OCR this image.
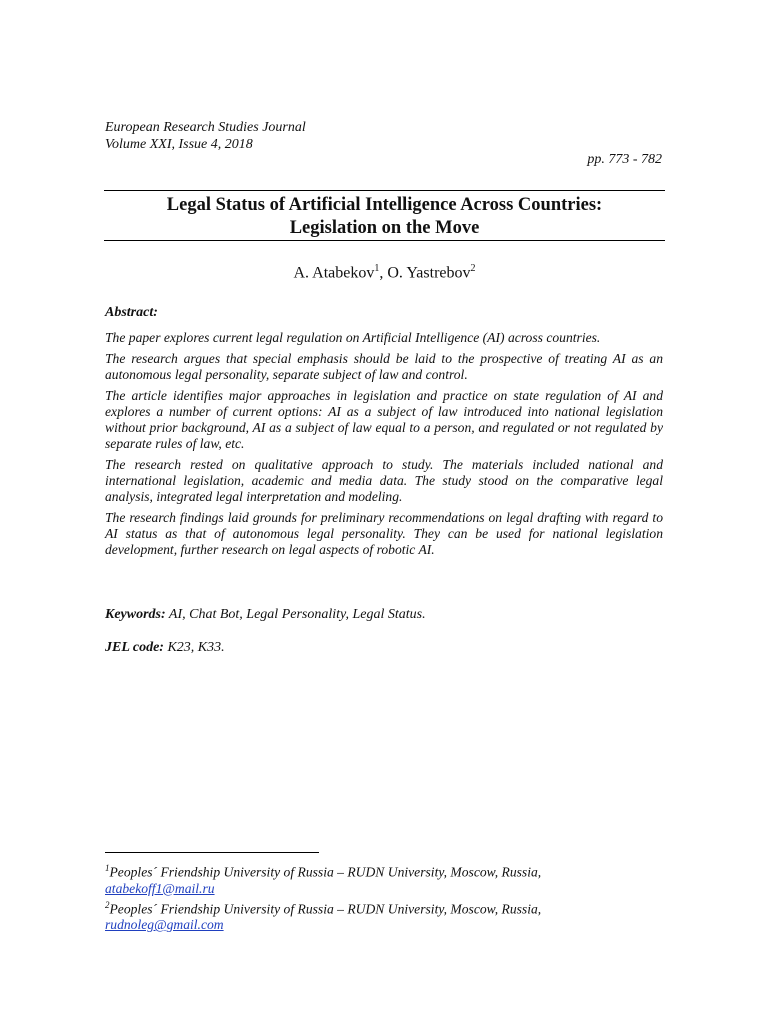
European Research Studies Journal
Volume XXI, Issue 4, 2018
pp. 773 - 782
Legal Status of Artificial Intelligence Across Countries:
Legislation on the Move
A. Atabekov$^1$, O. Yastrebov$^2$
Abstract:

The paper explores current legal regulation on Artificial Intelligence (AI) across countries.

The research argues that special emphasis should be laid to the prospective of treating AI as an autonomous legal personality, separate subject of law and control.

The article identifies major approaches in legislation and practice on state regulation of AI and explores a number of current options: AI as a subject of law introduced into national legislation without prior background, AI as a subject of law equal to a person, and regulated or not regulated by separate rules of law, etc.

The research rested on qualitative approach to study. The materials included national and international legislation, academic and media data. The study stood on the comparative legal analysis, integrated legal interpretation and modeling.

The research findings laid grounds for preliminary recommendations on legal drafting with regard to AI status as that of autonomous legal personality. They can be used for national legislation development, further research on legal aspects of robotic AI.

Keywords: AI, Chat Bot, Legal Personality, Legal Status.
JEL code: K23, K33.
$^1$Peoples´ Friendship University of Russia – RUDN University, Moscow, Russia,
atabekoff1@mail.ru
$^2$Peoples´ Friendship University of Russia – RUDN University, Moscow, Russia,
rudnoleg@gmail.com
